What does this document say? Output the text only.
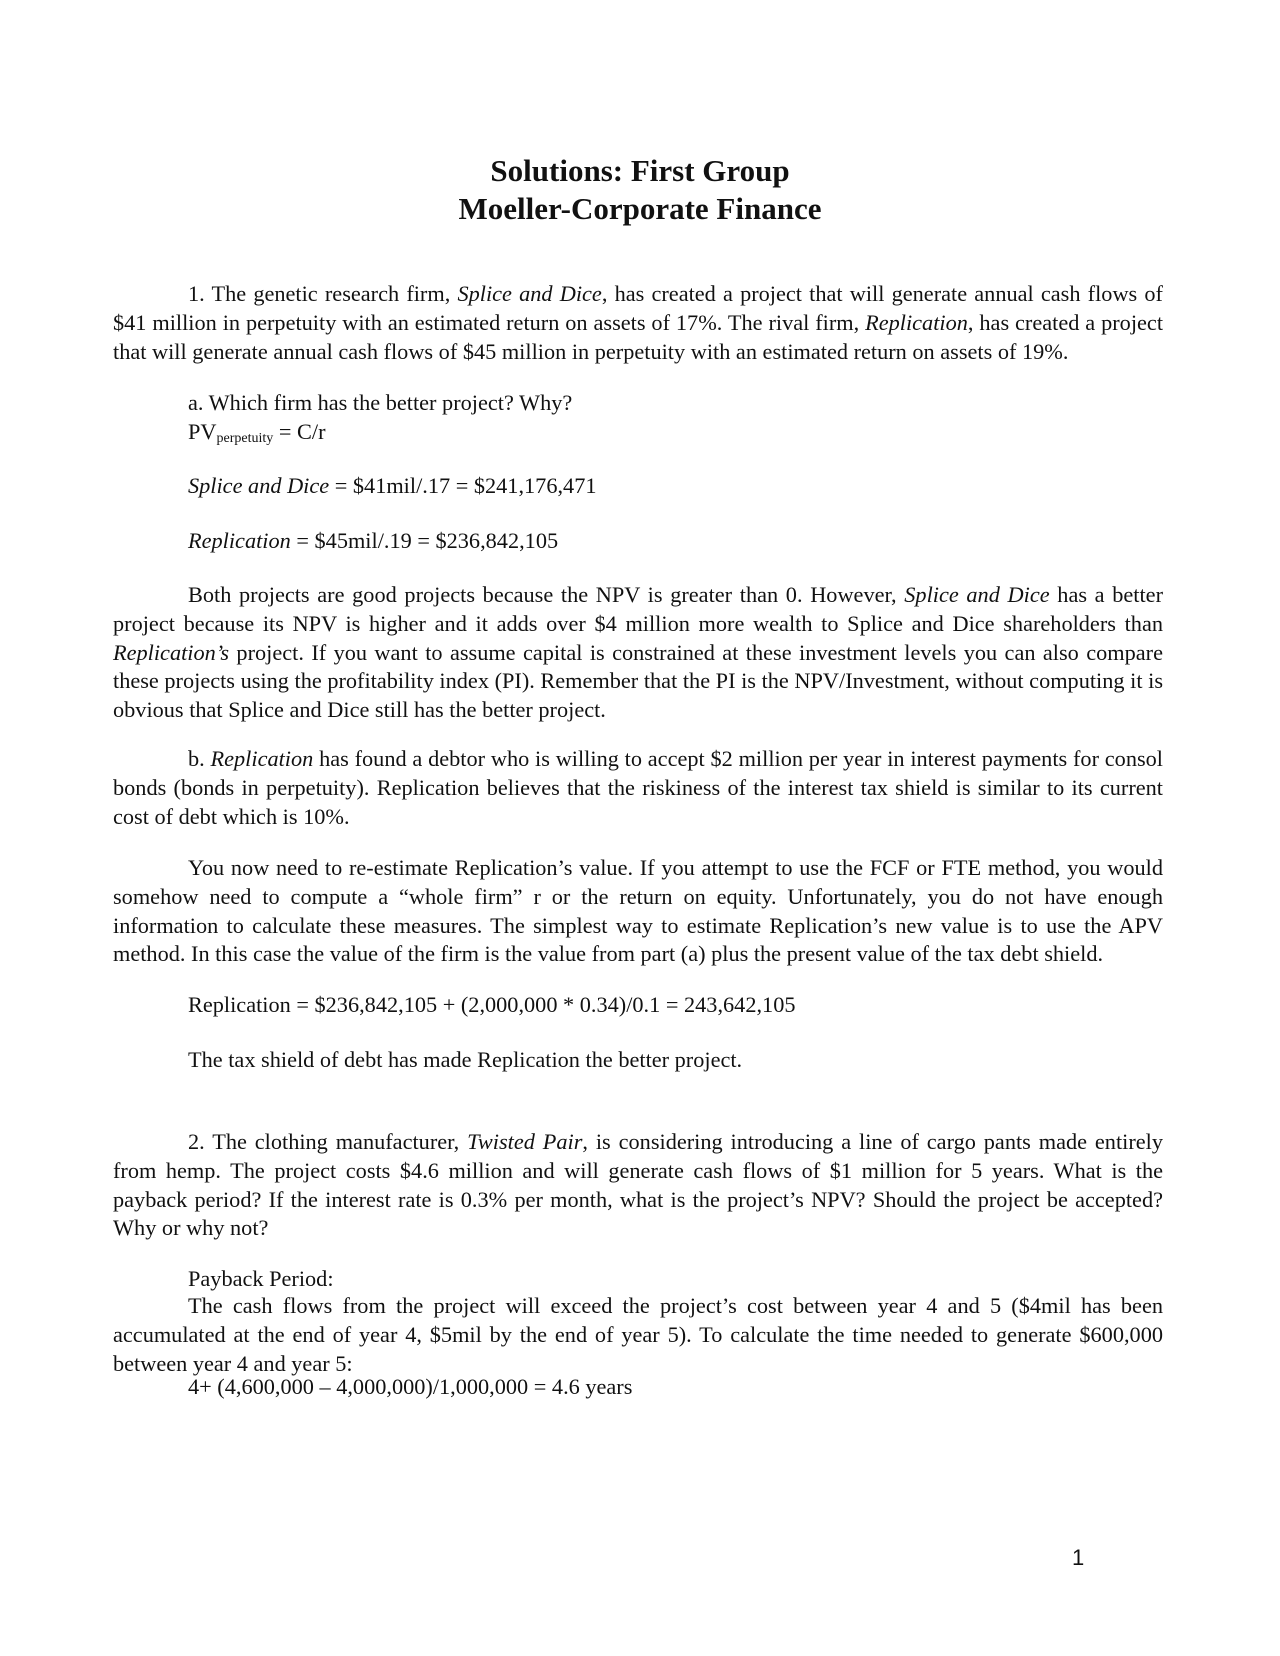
Solutions: First Group
Moeller-Corporate Finance
1. The genetic research firm, Splice and Dice, has created a project that will generate annual cash flows of $41 million in perpetuity with an estimated return on assets of 17%. The rival firm, Replication, has created a project that will generate annual cash flows of $45 million in perpetuity with an estimated return on assets of 19%.
a. Which firm has the better project? Why?
$PV_{perpetuity} = C/r$
Splice and Dice = $41mil/.17 = $241,176,471
Replication = $45mil/.19 = $236,842,105
Both projects are good projects because the NPV is greater than 0. However, Splice and Dice has a better project because its NPV is higher and it adds over $4 million more wealth to Splice and Dice shareholders than Replication’s project. If you want to assume capital is constrained at these investment levels you can also compare these projects using the profitability index (PI). Remember that the PI is the NPV/Investment, without computing it is obvious that Splice and Dice still has the better project.
b. Replication has found a debtor who is willing to accept $2 million per year in interest payments for consol bonds (bonds in perpetuity). Replication believes that the riskiness of the interest tax shield is similar to its current cost of debt which is 10%.
You now need to re-estimate Replication’s value. If you attempt to use the FCF or FTE method, you would somehow need to compute a “whole firm” r or the return on equity. Unfortunately, you do not have enough information to calculate these measures. The simplest way to estimate Replication’s new value is to use the APV method. In this case the value of the firm is the value from part (a) plus the present value of the tax debt shield.
Replication = $236,842,105 + (2,000,000 * 0.34)/0.1 = 243,642,105
The tax shield of debt has made Replication the better project.
2. The clothing manufacturer, Twisted Pair, is considering introducing a line of cargo pants made entirely from hemp. The project costs $4.6 million and will generate cash flows of $1 million for 5 years. What is the payback period? If the interest rate is 0.3% per month, what is the project’s NPV? Should the project be accepted? Why or why not?
Payback Period:
The cash flows from the project will exceed the project’s cost between year 4 and 5 ($4mil has been accumulated at the end of year 4, $5mil by the end of year 5). To calculate the time needed to generate $600,000 between year 4 and year 5:
4+ (4,600,000 – 4,000,000)/1,000,000 = 4.6 years
1
